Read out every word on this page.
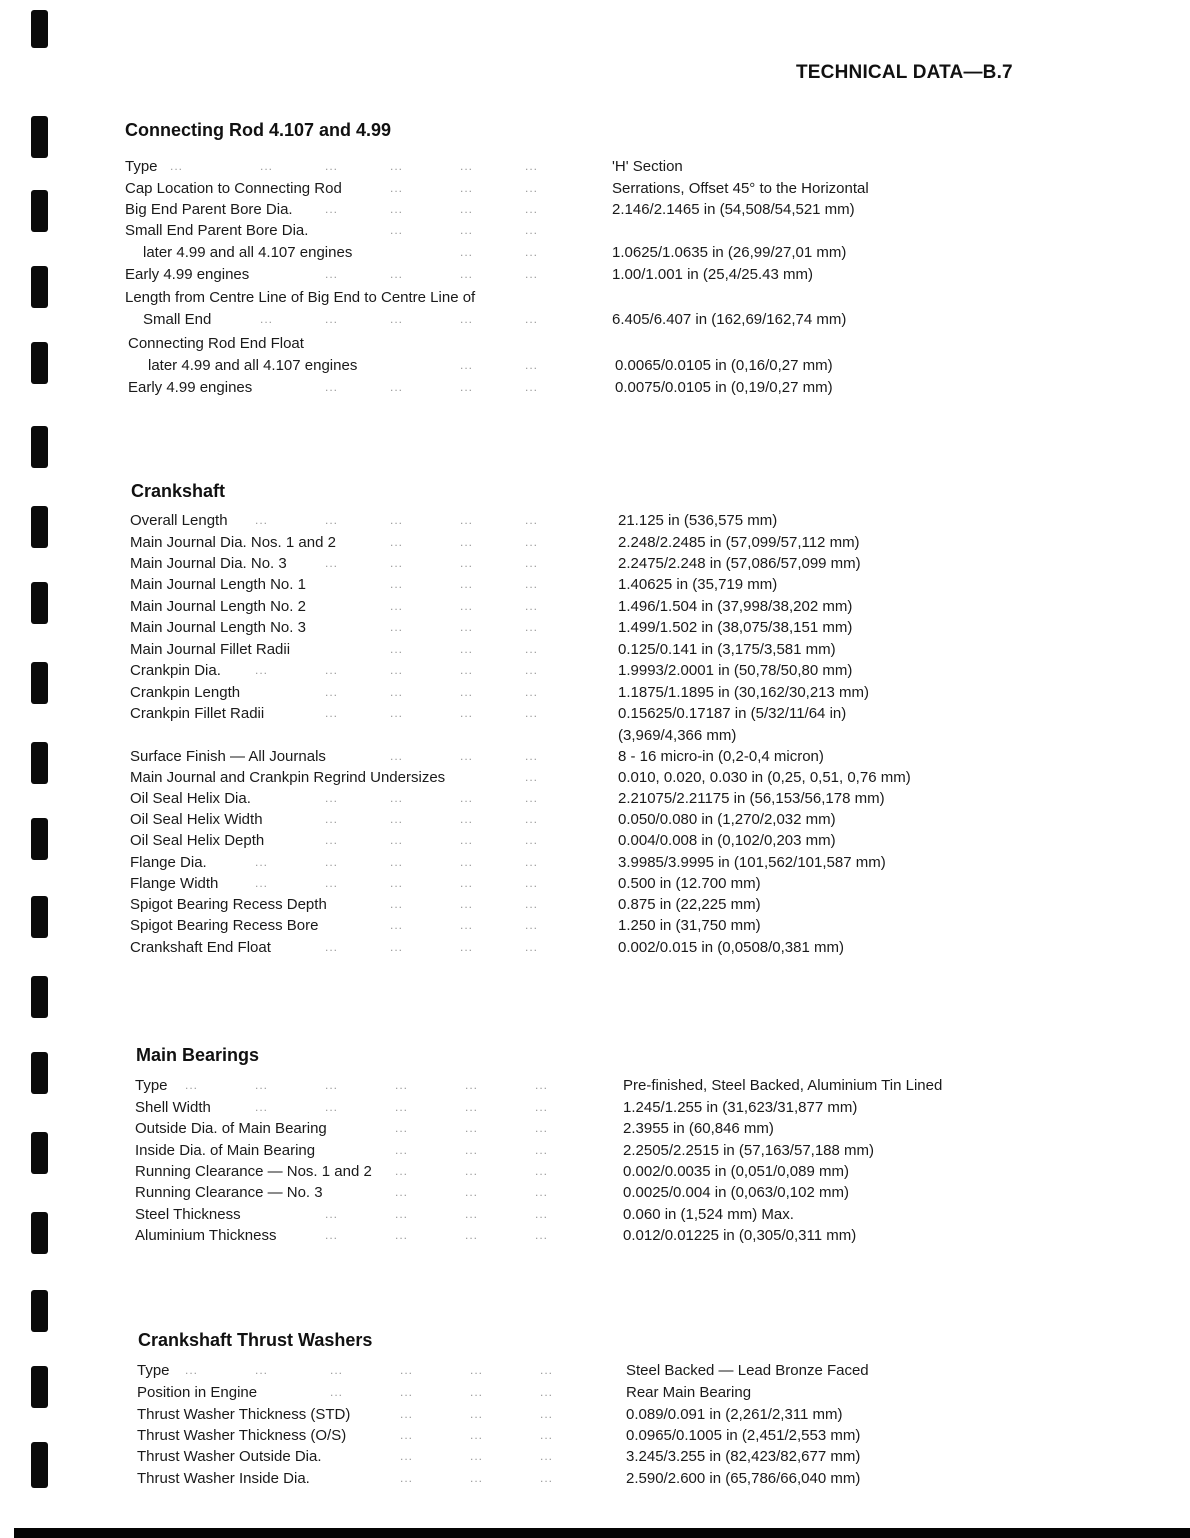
TECHNICAL DATA—B.7
Connecting Rod 4.107 and 4.99
Type ...	...	...	...	...	...	'H' Section
Cap Location to Connecting Rod	...	...	...	Serrations, Offset 45° to the Horizontal
Big End Parent Bore Dia.	...	...	...	...	2.146/2.1465 in (54,508/54,521 mm)
Small End Parent Bore Dia.	...	...	...
later 4.99 and all 4.107 engines	...	...	1.0625/1.0635 in (26,99/27,01 mm)
Early 4.99 engines	...	...	...	...	1.00/1.001 in (25,4/25.43 mm)
Length from Centre Line of Big End to Centre Line of
Small End	...	...	...	...	...	6.405/6.407 in (162,69/162,74 mm)
Connecting Rod End Float
later 4.99 and all 4.107 engines	...	...	0.0065/0.0105 in (0,16/0,27 mm)
Early 4.99 engines	...	...	...	...	0.0075/0.0105 in (0,19/0,27 mm)
Crankshaft
Overall Length ...	...	...	...	...	21.125 in (536,575 mm)
Main Journal Dia. Nos. 1 and 2	...	...	...	2.248/2.2485 in (57,099/57,112 mm)
Main Journal Dia. No. 3	...	...	...	...	2.2475/2.248 in (57,086/57,099 mm)
Main Journal Length No. 1	...	...	...	1.40625 in (35,719 mm)
Main Journal Length No. 2	...	...	...	1.496/1.504 in (37,998/38,202 mm)
Main Journal Length No. 3	...	...	...	1.499/1.502 in (38,075/38,151 mm)
Main Journal Fillet Radii	...	...	...	0.125/0.141 in (3,175/3,581 mm)
Crankpin Dia.	...	...	...	...	...	1.9993/2.0001 in (50,78/50,80 mm)
Crankpin Length	...	...	...	...	1.1875/1.1895 in (30,162/30,213 mm)
Crankpin Fillet Radii	...	...	...	...	0.15625/0.17187 in (5/32/11/64 in)
(3,969/4,366 mm)
Surface Finish — All Journals	...	...	...	8 - 16 micro-in (0,2-0,4 micron)
Main Journal and Crankpin Regrind Undersizes	...	0.010, 0.020, 0.030 in (0,25, 0,51, 0,76 mm)
Oil Seal Helix Dia.	...	...	...	...	2.21075/2.21175 in (56,153/56,178 mm)
Oil Seal Helix Width	...	...	...	...	0.050/0.080 in (1,270/2,032 mm)
Oil Seal Helix Depth	...	...	...	...	0.004/0.008 in (0,102/0,203 mm)
Flange Dia.	...	...	...	...	...	3.9985/3.9995 in (101,562/101,587 mm)
Flange Width	...	...	...	...	...	0.500 in (12.700 mm)
Spigot Bearing Recess Depth	...	...	...	0.875 in (22,225 mm)
Spigot Bearing Recess Bore	...	...	...	1.250 in (31,750 mm)
Crankshaft End Float	...	...	...	...	0.002/0.015 in (0,0508/0,381 mm)
Main Bearings
Type ...	...	...	...	...	...	Pre-finished, Steel Backed, Aluminium Tin Lined
Shell Width	...	...	...	...	...	1.245/1.255 in (31,623/31,877 mm)
Outside Dia. of Main Bearing	...	...	...	2.3955 in (60,846 mm)
Inside Dia. of Main Bearing	...	...	...	2.2505/2.2515 in (57,163/57,188 mm)
Running Clearance — Nos. 1 and 2 ...	...	...	0.002/0.0035 in (0,051/0,089 mm)
Running Clearance — No. 3	...	...	...	0.0025/0.004 in (0,063/0,102 mm)
Steel Thickness	...	...	...	...	0.060 in (1,524 mm) Max.
Aluminium Thickness	...	...	...	...	0.012/0.01225 in (0,305/0,311 mm)
Crankshaft Thrust Washers
Type ...	...	...	...	...	...	Steel Backed — Lead Bronze Faced
Position in Engine	...	...	...	...	Rear Main Bearing
Thrust Washer Thickness (STD)	...	...	...	0.089/0.091 in (2,261/2,311 mm)
Thrust Washer Thickness (O/S)	...	...	...	0.0965/0.1005 in (2,451/2,553 mm)
Thrust Washer Outside Dia.	...	...	...	3.245/3.255 in (82,423/82,677 mm)
Thrust Washer Inside Dia.	...	...	...	2.590/2.600 in (65,786/66,040 mm)
